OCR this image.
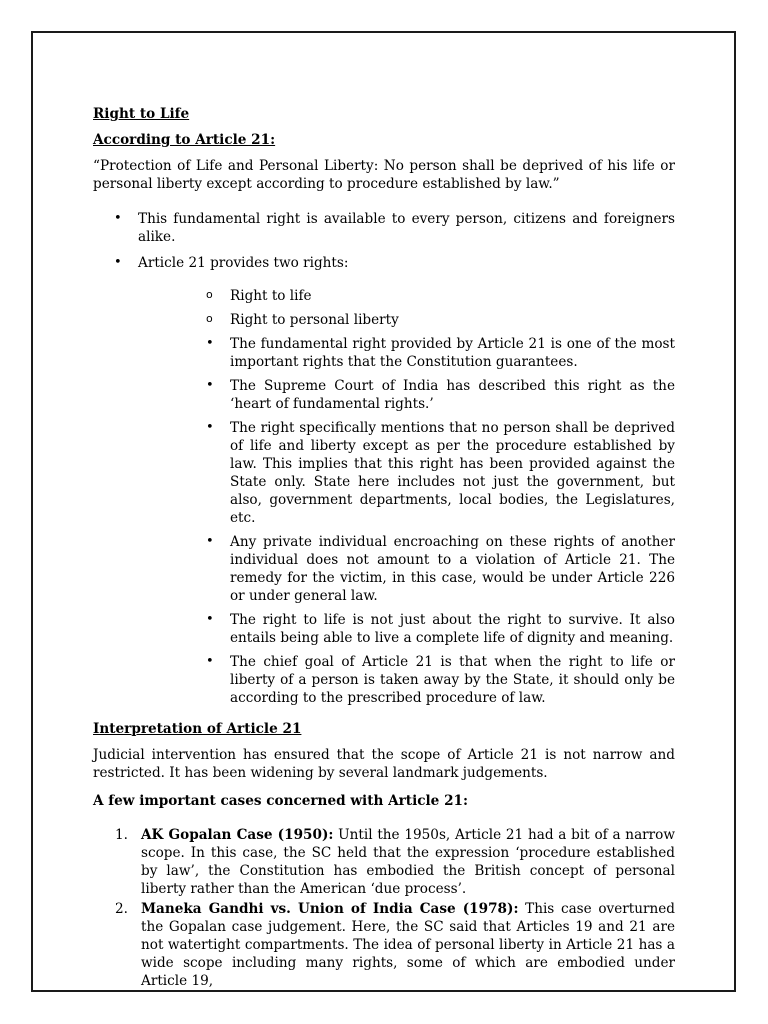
Right to Life

According to Article 21:

“Protection of Life and Personal Liberty: No person shall be deprived of his life or personal liberty except according to procedure established by law.”

• This fundamental right is available to every person, citizens and foreigners alike.
• Article 21 provides two rights:
o Right to life
o Right to personal liberty
• The fundamental right provided by Article 21 is one of the most important rights that the Constitution guarantees.
• The Supreme Court of India has described this right as the ‘heart of fundamental rights.’
• The right specifically mentions that no person shall be deprived of life and liberty except as per the procedure established by law. This implies that this right has been provided against the State only. State here includes not just the government, but also, government departments, local bodies, the Legislatures, etc.
• Any private individual encroaching on these rights of another individual does not amount to a violation of Article 21. The remedy for the victim, in this case, would be under Article 226 or under general law.
• The right to life is not just about the right to survive. It also entails being able to live a complete life of dignity and meaning.
• The chief goal of Article 21 is that when the right to life or liberty of a person is taken away by the State, it should only be according to the prescribed procedure of law.

Interpretation of Article 21

Judicial intervention has ensured that the scope of Article 21 is not narrow and restricted. It has been widening by several landmark judgements.

A few important cases concerned with Article 21:

1. AK Gopalan Case (1950): Until the 1950s, Article 21 had a bit of a narrow scope. In this case, the SC held that the expression ‘procedure established by law’, the Constitution has embodied the British concept of personal liberty rather than the American ‘due process’.
2. Maneka Gandhi vs. Union of India Case (1978): This case overturned the Gopalan case judgement. Here, the SC said that Articles 19 and 21 are not watertight compartments. The idea of personal liberty in Article 21 has a wide scope including many rights, some of which are embodied under Article 19,
